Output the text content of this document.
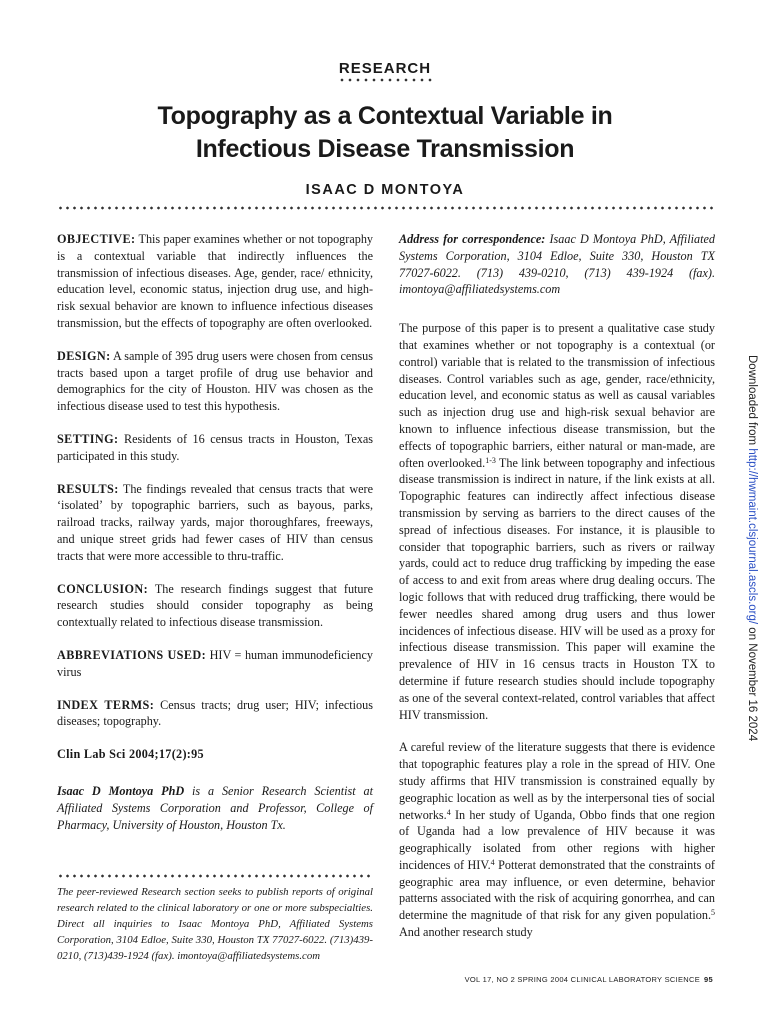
RESEARCH
Topography as a Contextual Variable in
Infectious Disease Transmission
ISAAC D MONTOYA

OBJECTIVE: This paper examines whether or not topography is a contextual variable that indirectly influences the transmission of infectious diseases. Age, gender, race/ ethnicity, education level, economic status, injection drug use, and high-risk sexual behavior are known to influence infectious diseases transmission, but the effects of topography are often overlooked.

DESIGN: A sample of 395 drug users were chosen from census tracts based upon a target profile of drug use behavior and demographics for the city of Houston. HIV was chosen as the infectious disease used to test this hypothesis.

SETTING: Residents of 16 census tracts in Houston, Texas participated in this study.

RESULTS: The findings revealed that census tracts that were ‘isolated’ by topographic barriers, such as bayous, parks, railroad tracks, railway yards, major thoroughfares, freeways, and unique street grids had fewer cases of HIV than census tracts that were more accessible to thru-traffic.

CONCLUSION: The research findings suggest that future research studies should consider topography as being contextually related to infectious disease transmission.

ABBREVIATIONS USED: HIV = human immunodeficiency virus

INDEX TERMS: Census tracts; drug user; HIV; infectious diseases; topography.

Clin Lab Sci 2004;17(2):95

Isaac D Montoya PhD is a Senior Research Scientist at Affiliated Systems Corporation and Professor, College of Pharmacy, University of Houston, Houston Tx.

The peer-reviewed Research section seeks to publish reports of original research related to the clinical laboratory or one or more subspecialties. Direct all inquiries to Isaac Montoya PhD, Affiliated Systems Corporation, 3104 Edloe, Suite 330, Houston TX 77027-6022. (713)439-0210, (713)439-1924 (fax). imontoya@affiliatedsystems.com

Address for correspondence: Isaac D Montoya PhD, Affiliated Systems Corporation, 3104 Edloe, Suite 330, Houston TX 77027-6022. (713) 439-0210, (713) 439-1924 (fax). imontoya@affiliatedsystems.com

The purpose of this paper is to present a qualitative case study that examines whether or not topography is a contextual (or control) variable that is related to the transmission of infectious diseases. Control variables such as age, gender, race/ethnicity, education level, and economic status as well as causal variables such as injection drug use and high-risk sexual behavior are known to influence infectious disease transmission, but the effects of topographic barriers, either natural or man-made, are often overlooked.$^{1-3}$ The link between topography and infectious disease transmission is indirect in nature, if the link exists at all. Topographic features can indirectly affect infectious disease transmission by serving as barriers to the direct causes of the spread of infectious diseases. For instance, it is plausible to consider that topographic barriers, such as rivers or railway yards, could act to reduce drug trafficking by impeding the ease of access to and exit from areas where drug dealing occurs. The logic follows that with reduced drug trafficking, there would be fewer needles shared among drug users and thus lower incidences of infectious disease. HIV will be used as a proxy for infectious disease transmission. This paper will examine the prevalence of HIV in 16 census tracts in Houston TX to determine if future research studies should include topography as one of the several context-related, control variables that affect HIV transmission.

A careful review of the literature suggests that there is evidence that topographic features play a role in the spread of HIV. One study affirms that HIV transmission is constrained equally by geographic location as well as by the interpersonal ties of social networks.$^4$ In her study of Uganda, Obbo finds that one region of Uganda had a low prevalence of HIV because it was geographically isolated from other regions with higher incidences of HIV.$^4$ Potterat demonstrated that the constraints of geographic area may influence, or even determine, behavior patterns associated with the risk of acquiring gonorrhea, and can determine the magnitude of that risk for any given population.$^5$ And another research study

Downloaded from http://hwmaint.clsjournal.ascls.org/ on November 16 2024
VOL 17, NO 2 SPRING 2004 CLINICAL LABORATORY SCIENCE 95
